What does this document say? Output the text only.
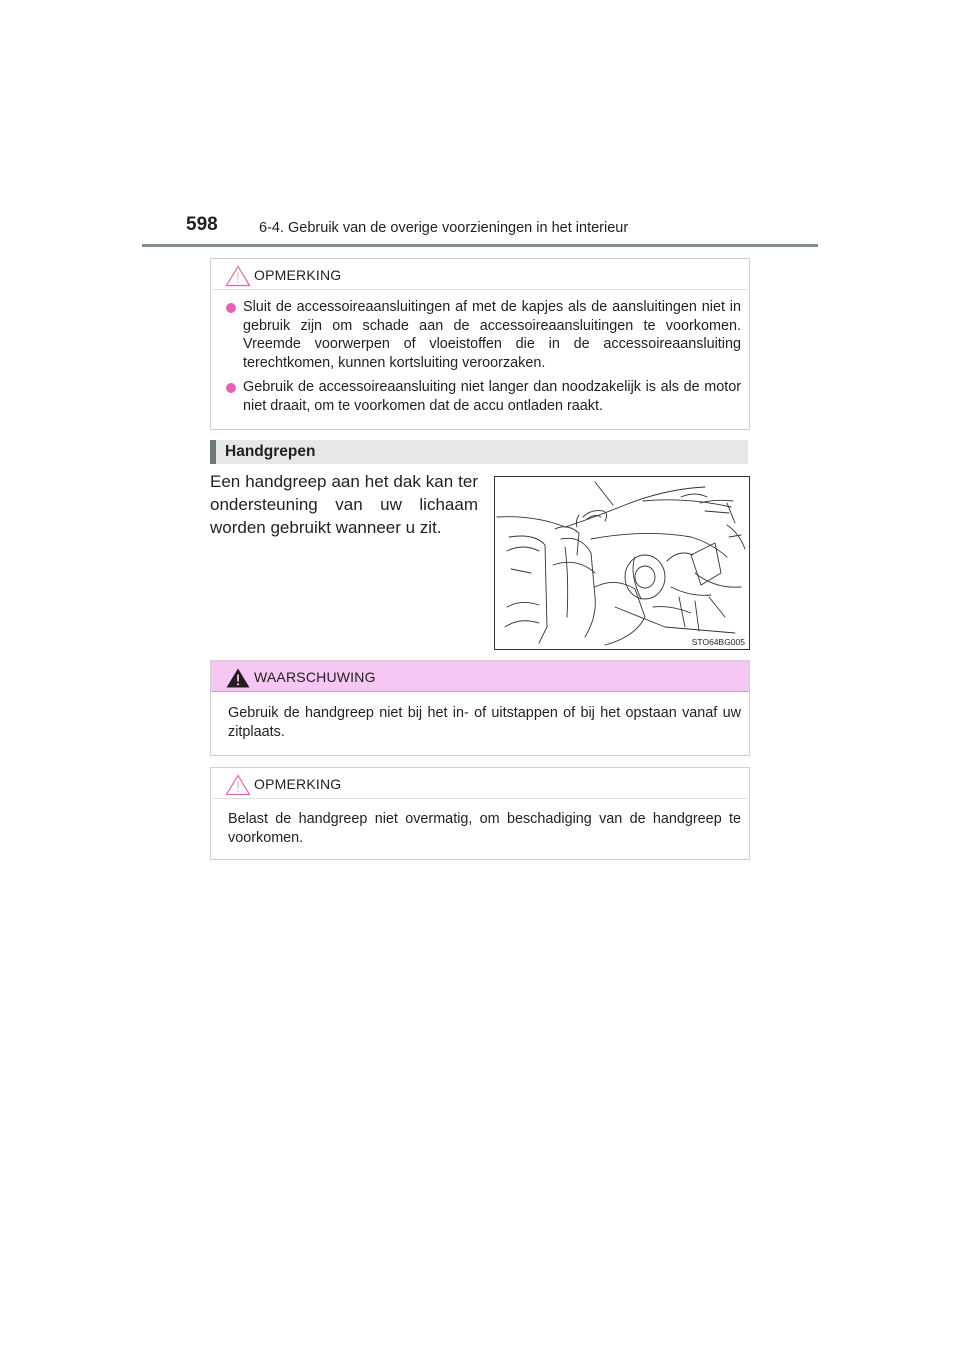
598	6-4. Gebruik van de overige voorzieningen in het interieur
OPMERKING
Sluit de accessoireaansluitingen af met de kapjes als de aansluitingen niet in gebruik zijn om schade aan de accessoireaansluitingen te voorkomen. Vreemde voorwerpen of vloeistoffen die in de accessoireaansluiting terechtkomen, kunnen kortsluiting veroorzaken.
Gebruik de accessoireaansluiting niet langer dan noodzakelijk is als de motor niet draait, om te voorkomen dat de accu ontladen raakt.
Handgrepen
Een handgreep aan het dak kan ter ondersteuning van uw lichaam worden gebruikt wanneer u zit.
STO64BG005
WAARSCHUWING
Gebruik de handgreep niet bij het in- of uitstappen of bij het opstaan vanaf uw zitplaats.
OPMERKING
Belast de handgreep niet overmatig, om beschadiging van de handgreep te voorkomen.
